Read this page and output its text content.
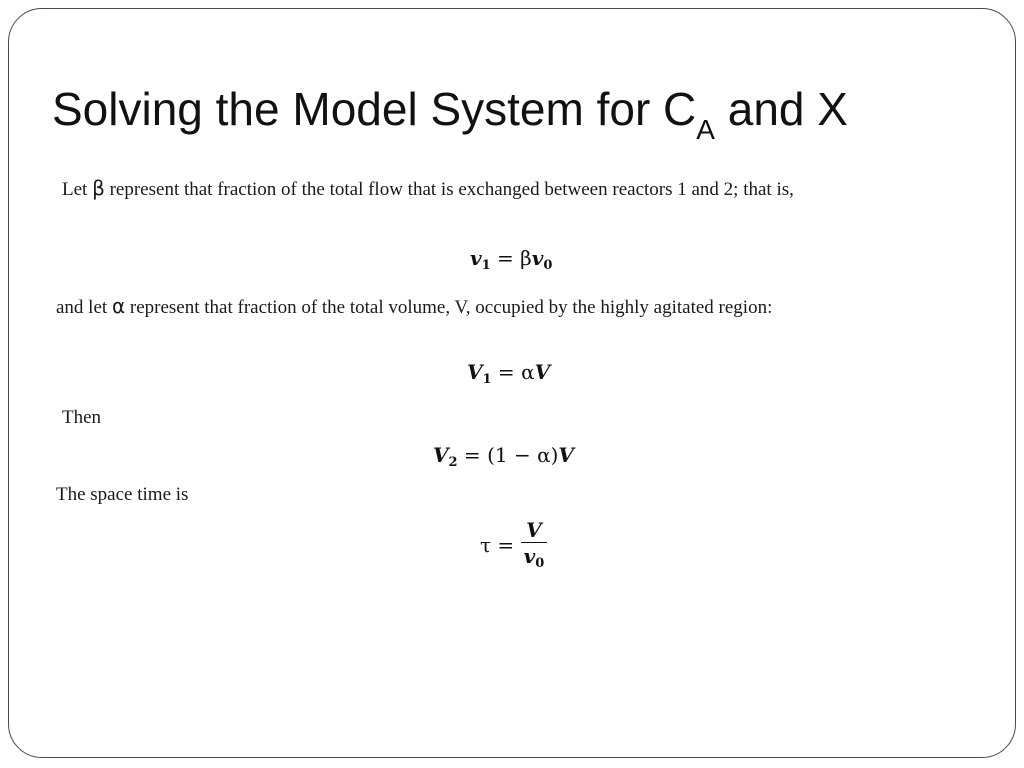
Solving the Model System for $C_A$ and X
Let β represent that fraction of the total flow that is exchanged between reactors 1 and 2; that is,
$v_1 = \beta v_0$
and let α represent that fraction of the total volume, V, occupied by the highly agitated region:
$V_1 = \alpha V$
Then
$V_2 = (1 - \alpha)V$
The space time is
$\tau = \frac{V}{v_0}$
